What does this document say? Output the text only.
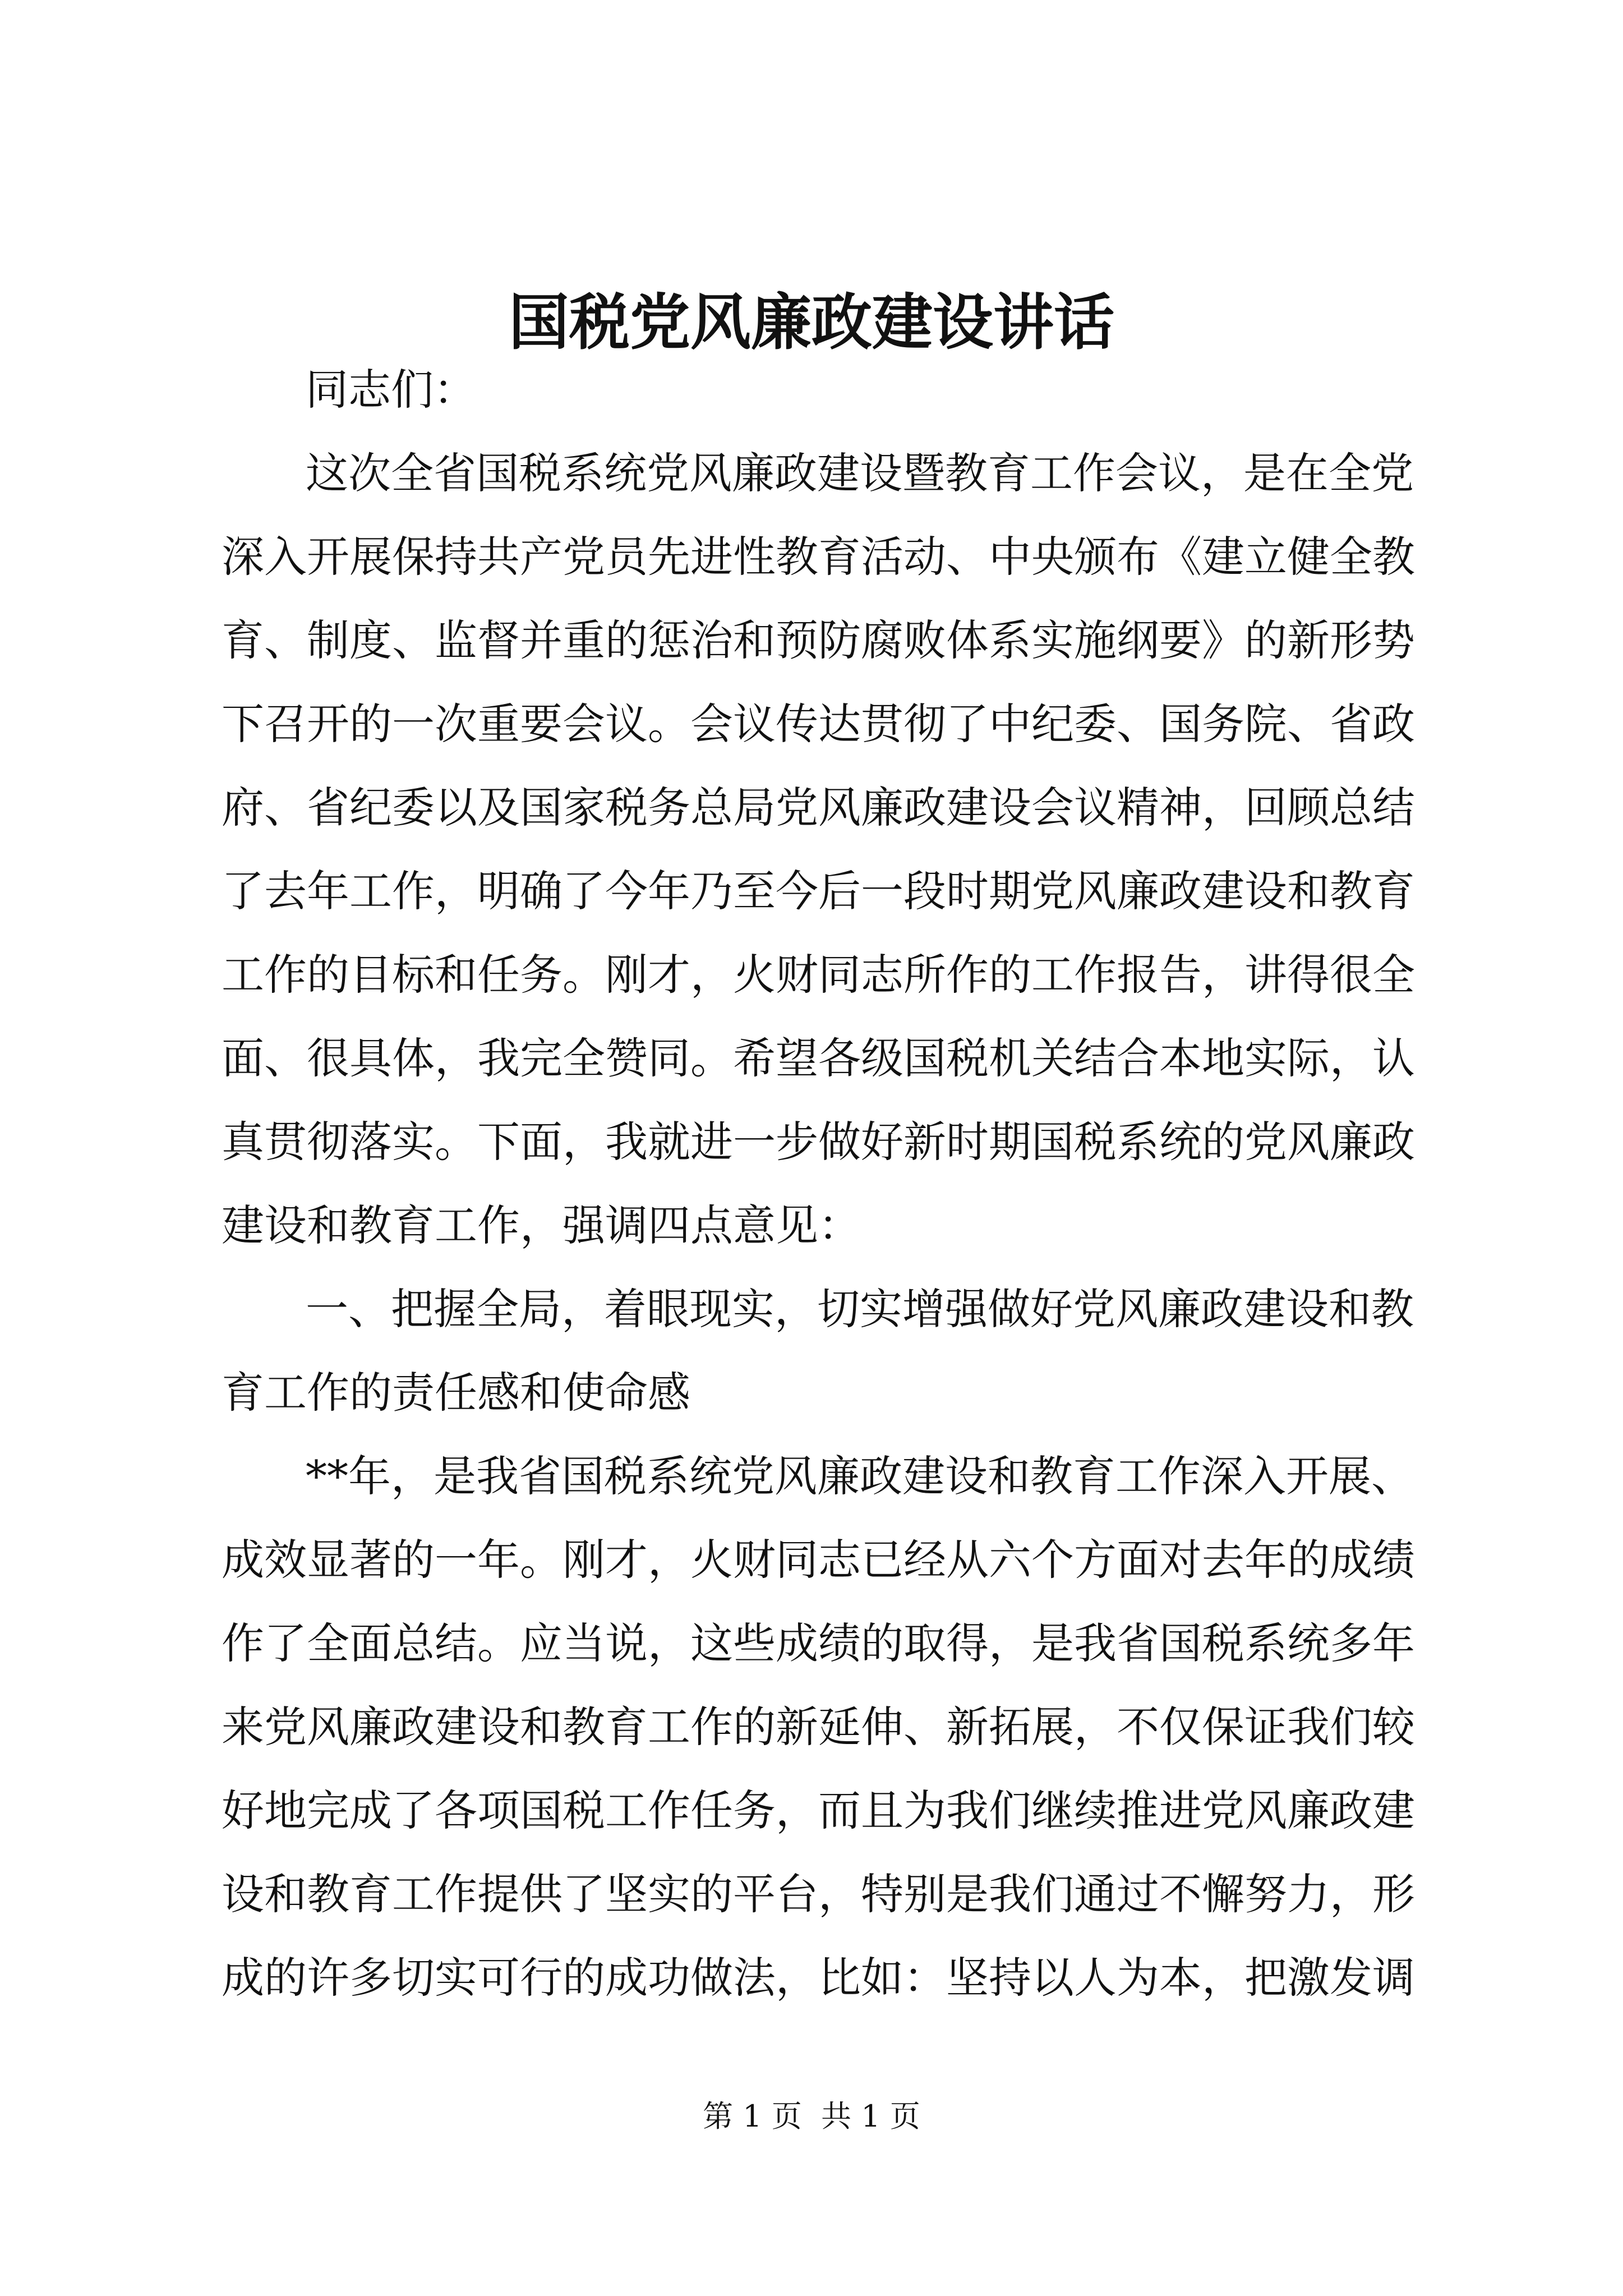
国税党风廉政建设讲话
同志们：
这次全省国税系统党风廉政建设暨教育工作会议，是在全党
深入开展保持共产党员先进性教育活动、中央颁布《建立健全教
育、制度、监督并重的惩治和预防腐败体系实施纲要》的新形势
下召开的一次重要会议。会议传达贯彻了中纪委、国务院、省政
府、省纪委以及国家税务总局党风廉政建设会议精神，回顾总结
了去年工作，明确了今年乃至今后一段时期党风廉政建设和教育
工作的目标和任务。刚才，火财同志所作的工作报告，讲得很全
面、很具体，我完全赞同。希望各级国税机关结合本地实际，认
真贯彻落实。下面，我就进一步做好新时期国税系统的党风廉政
建设和教育工作，强调四点意见：
一、把握全局，着眼现实，切实增强做好党风廉政建设和教
育工作的责任感和使命感
**年，是我省国税系统党风廉政建设和教育工作深入开展、
成效显著的一年。刚才，火财同志已经从六个方面对去年的成绩
作了全面总结。应当说，这些成绩的取得，是我省国税系统多年
来党风廉政建设和教育工作的新延伸、新拓展，不仅保证我们较
好地完成了各项国税工作任务，而且为我们继续推进党风廉政建
设和教育工作提供了坚实的平台，特别是我们通过不懈努力，形
成的许多切实可行的成功做法，比如：坚持以人为本，把激发调
第 1 页  共 1 页
